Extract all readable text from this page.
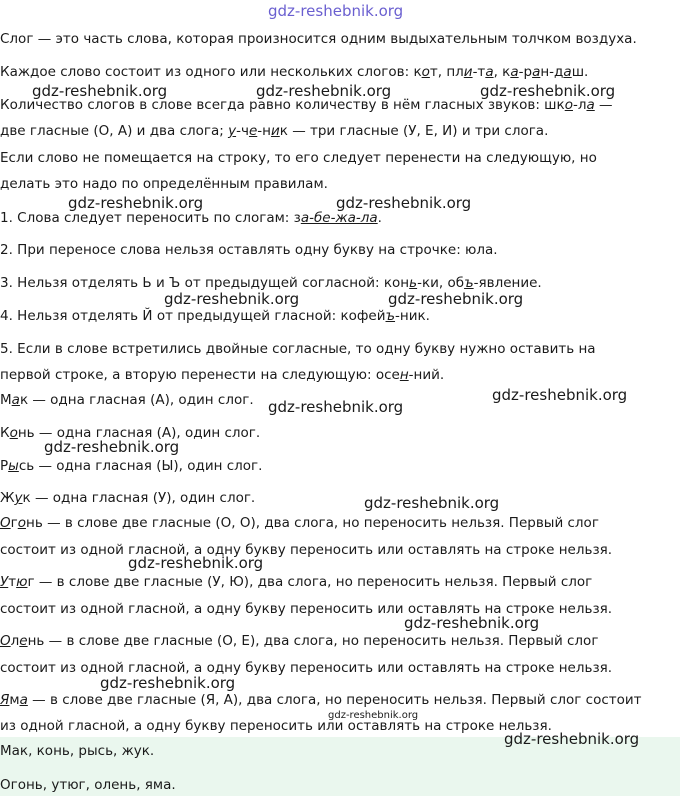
gdz-reshebnik.org
Слог — это часть слова, которая произносится одним выдыхательным толчком воздуха.
Каждое слово состоит из одного или нескольких слогов: кот, пли-та, ка-ран-даш.
Количество слогов в слове всегда равно количеству в нём гласных звуков: шко-ла —
две гласные (О, А) и два слога; у-че-ник — три гласные (У, Е, И) и три слога.
Если слово не помещается на строку, то его следует перенести на следующую, но
делать это надо по определённым правилам.
1. Слова следует переносить по слогам: за-бе-жа-ла.
2. При переносе слова нельзя оставлять одну букву на строчке: юла.
3. Нельзя отделять Ь и Ъ от предыдущей согласной: конь-ки, объ-явление.
4. Нельзя отделять Й от предыдущей гласной: кофейъ-ник.
5. Если в слове встретились двойные согласные, то одну букву нужно оставить на
первой строке, а вторую перенести на следующую: осен-ний.
Мак — одна гласная (А), один слог.
Конь — одна гласная (А), один слог.
Рысь — одна гласная (Ы), один слог.
Жук — одна гласная (У), один слог.
Огонь — в слове две гласные (О, О), два слога, но переносить нельзя. Первый слог
состоит из одной гласной, а одну букву переносить или оставлять на строке нельзя.
Утюг — в слове две гласные (У, Ю), два слога, но переносить нельзя. Первый слог
состоит из одной гласной, а одну букву переносить или оставлять на строке нельзя.
Олень — в слове две гласные (О, Е), два слога, но переносить нельзя. Первый слог
состоит из одной гласной, а одну букву переносить или оставлять на строке нельзя.
Яма — в слове две гласные (Я, А), два слога, но переносить нельзя. Первый слог состоит
из одной гласной, а одну букву переносить или оставлять на строке нельзя.
Мак, конь, рысь, жук.
Огонь, утюг, олень, яма.
gdz-reshebnik.org	gdz-reshebnik.org	gdz-reshebnik.org
gdz-reshebnik.org	gdz-reshebnik.org
gdz-reshebnik.org	gdz-reshebnik.org
gdz-reshebnik.org
gdz-reshebnik.org
gdz-reshebnik.org
gdz-reshebnik.org
gdz-reshebnik.org
gdz-reshebnik.org
gdz-reshebnik.org
gdz-reshebnik.org
gdz-reshebnik.org
